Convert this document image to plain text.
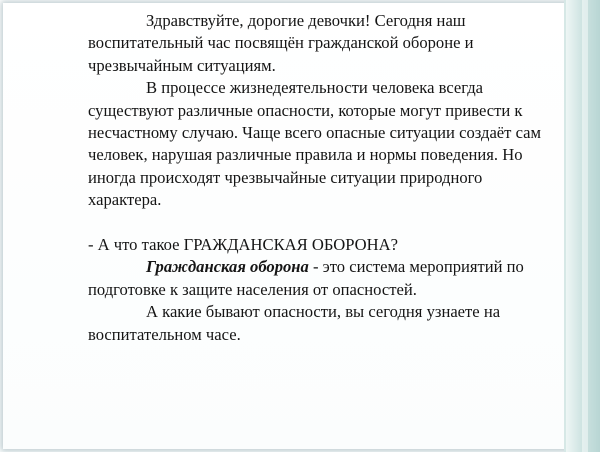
Здравствуйте, дорогие девочки! Сегодня наш воспитательный час посвящён гражданской обороне и чрезвычайным ситуациям.

В процессе жизнедеятельности человека всегда существуют различные опасности, которые могут привести к несчастному случаю. Чаще всего опасные ситуации создаёт сам человек, нарушая различные правила и нормы поведения. Но иногда происходят чрезвычайные ситуации природного характера.

- А что такое ГРАЖДАНСКАЯ ОБОРОНА?

Гражданская оборона - это система мероприятий по подготовке к защите населения от опасностей.

А какие бывают опасности, вы сегодня узнаете на воспитательном часе.
